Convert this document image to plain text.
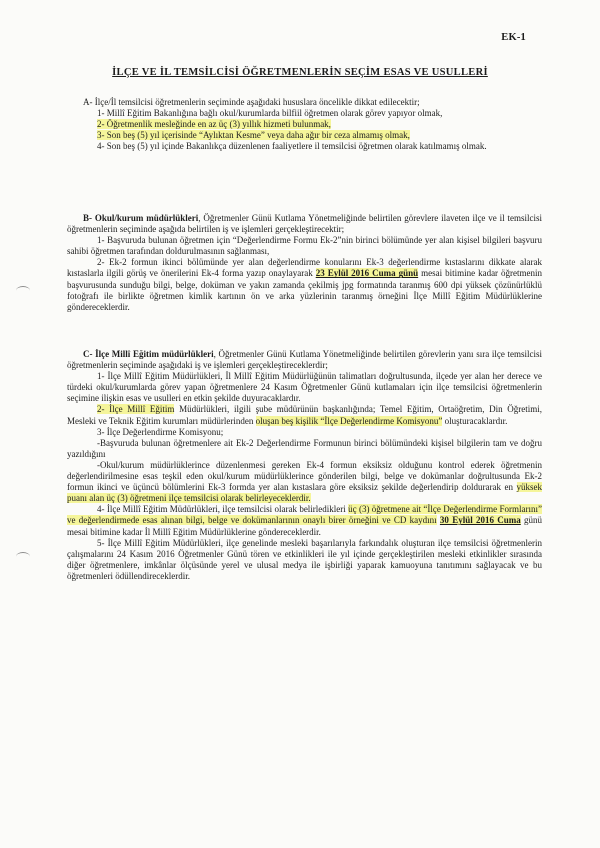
EK-1
İLÇE VE İL TEMSİLCİSİ ÖĞRETMENLERİN SEÇİM ESAS VE USULLERİ

A- İlçe/İl temsilcisi öğretmenlerin seçiminde aşağıdaki hususlara öncelikle dikkat edilecektir;

1- Millî Eğitim Bakanlığına bağlı okul/kurumlarda bilfiil öğretmen olarak görev yapıyor olmak,

2- Öğretmenlik mesleğinde en az üç (3) yıllık hizmeti bulunmak,

3- Son beş (5) yıl içerisinde “Aylıktan Kesme” veya daha ağır bir ceza almamış olmak,

4- Son beş (5) yıl içinde Bakanlıkça düzenlenen faaliyetlere il temsilcisi öğretmen olarak katılmamış olmak.

B- Okul/kurum müdürlükleri, Öğretmenler Günü Kutlama Yönetmeliğinde belirtilen görevlere ilaveten ilçe ve il temsilcisi öğretmenlerin seçiminde aşağıda belirtilen iş ve işlemleri gerçekleştirecektir;

1- Başvuruda bulunan öğretmen için “Değerlendirme Formu Ek-2”nin birinci bölümünde yer alan kişisel bilgileri başvuru sahibi öğretmen tarafından doldurulmasının sağlanması,

2- Ek-2 formun ikinci bölümünde yer alan değerlendirme konularını Ek-3 değerlendirme kıstaslarını dikkate alarak kıstaslarla ilgili görüş ve önerilerini Ek-4 forma yazıp onaylayarak 23 Eylül 2016 Cuma günü mesai bitimine kadar öğretmenin başvurusunda sunduğu bilgi, belge, doküman ve yakın zamanda çekilmiş jpg formatında taranmış 600 dpi yüksek çözünürlüklü fotoğrafı ile birlikte öğretmen kimlik kartının ön ve arka yüzlerinin taranmış örneğini İlçe Millî Eğitim Müdürlüklerine göndereceklerdir.

C- İlçe Millî Eğitim müdürlükleri, Öğretmenler Günü Kutlama Yönetmeliğinde belirtilen görevlerin yanı sıra ilçe temsilcisi öğretmenlerin seçiminde aşağıdaki iş ve işlemleri gerçekleştireceklerdir;

1- İlçe Millî Eğitim Müdürlükleri, İl Millî Eğitim Müdürlüğünün talimatları doğrultusunda, ilçede yer alan her derece ve türdeki okul/kurumlarda görev yapan öğretmenlere 24 Kasım Öğretmenler Günü kutlamaları için ilçe temsilcisi öğretmenlerin seçimine ilişkin esas ve usulleri en etkin şekilde duyuracaklardır.

2- İlçe Millî Eğitim Müdürlükleri, ilgili şube müdürünün başkanlığında; Temel Eğitim, Ortaöğretim, Din Öğretimi, Mesleki ve Teknik Eğitim kurumları müdürlerinden oluşan beş kişilik “İlçe Değerlendirme Komisyonu” oluşturacaklardır.

3- İlçe Değerlendirme Komisyonu;

-Başvuruda bulunan öğretmenlere ait Ek-2 Değerlendirme Formunun birinci bölümündeki kişisel bilgilerin tam ve doğru yazıldığını

-Okul/kurum müdürlüklerince düzenlenmesi gereken Ek-4 formun eksiksiz olduğunu kontrol ederek öğretmenin değerlendirilmesine esas teşkil eden okul/kurum müdürlüklerince gönderilen bilgi, belge ve dokümanlar doğrultusunda Ek-2 formun ikinci ve üçüncü bölümlerini Ek-3 formda yer alan kıstaslara göre eksiksiz şekilde değerlendirip doldurarak en yüksek puanı alan üç (3) öğretmeni ilçe temsilcisi olarak belirleyeceklerdir.

4- İlçe Millî Eğitim Müdürlükleri, ilçe temsilcisi olarak belirledikleri üç (3) öğretmene ait “İlçe Değerlendirme Formlarını” ve değerlendirmede esas alınan bilgi, belge ve dokümanlarının onaylı birer örneğini ve CD kaydını 30 Eylül 2016 Cuma günü mesai bitimine kadar İl Millî Eğitim Müdürlüklerine göndereceklerdir.

5- İlçe Millî Eğitim Müdürlükleri, ilçe genelinde mesleki başarılarıyla farkındalık oluşturan ilçe temsilcisi öğretmenlerin çalışmalarını 24 Kasım 2016 Öğretmenler Günü tören ve etkinlikleri ile yıl içinde gerçekleştirilen mesleki etkinlikler sırasında diğer öğretmenlere, imkânlar ölçüsünde yerel ve ulusal medya ile işbirliği yaparak kamuoyuna tanıtımını sağlayacak ve bu öğretmenleri ödüllendireceklerdir.
